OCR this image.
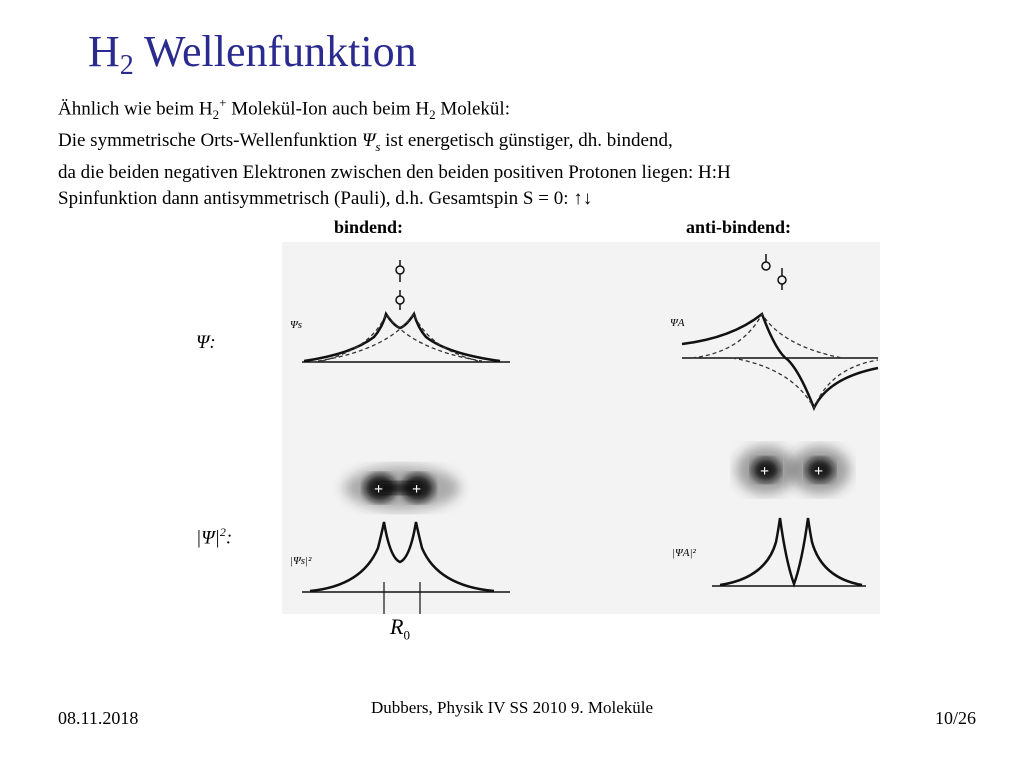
$H_2$ Wellenfunktion
Ähnlich wie beim $H_2^+$ Molekül-Ion auch beim $H_2$ Molekül:
Die symmetrische Orts-Wellenfunktion $\Psi_s$ ist energetisch günstiger, dh. bindend,
da die beiden negativen Elektronen zwischen den beiden positiven Protonen liegen: H:H
Spinfunktion dann antisymmetrisch (Pauli), d.h. Gesamtspin S = 0: ↑↓
bindend:	anti-bindend:
Ψ:
$|\Psi|^2$:
Ψs	ΨA
+ +
|Ψs|²
+	+
|ΨA|²
$R_0$
08.11.2018
Dubbers, Physik IV SS 2010 9. Moleküle
10/26
